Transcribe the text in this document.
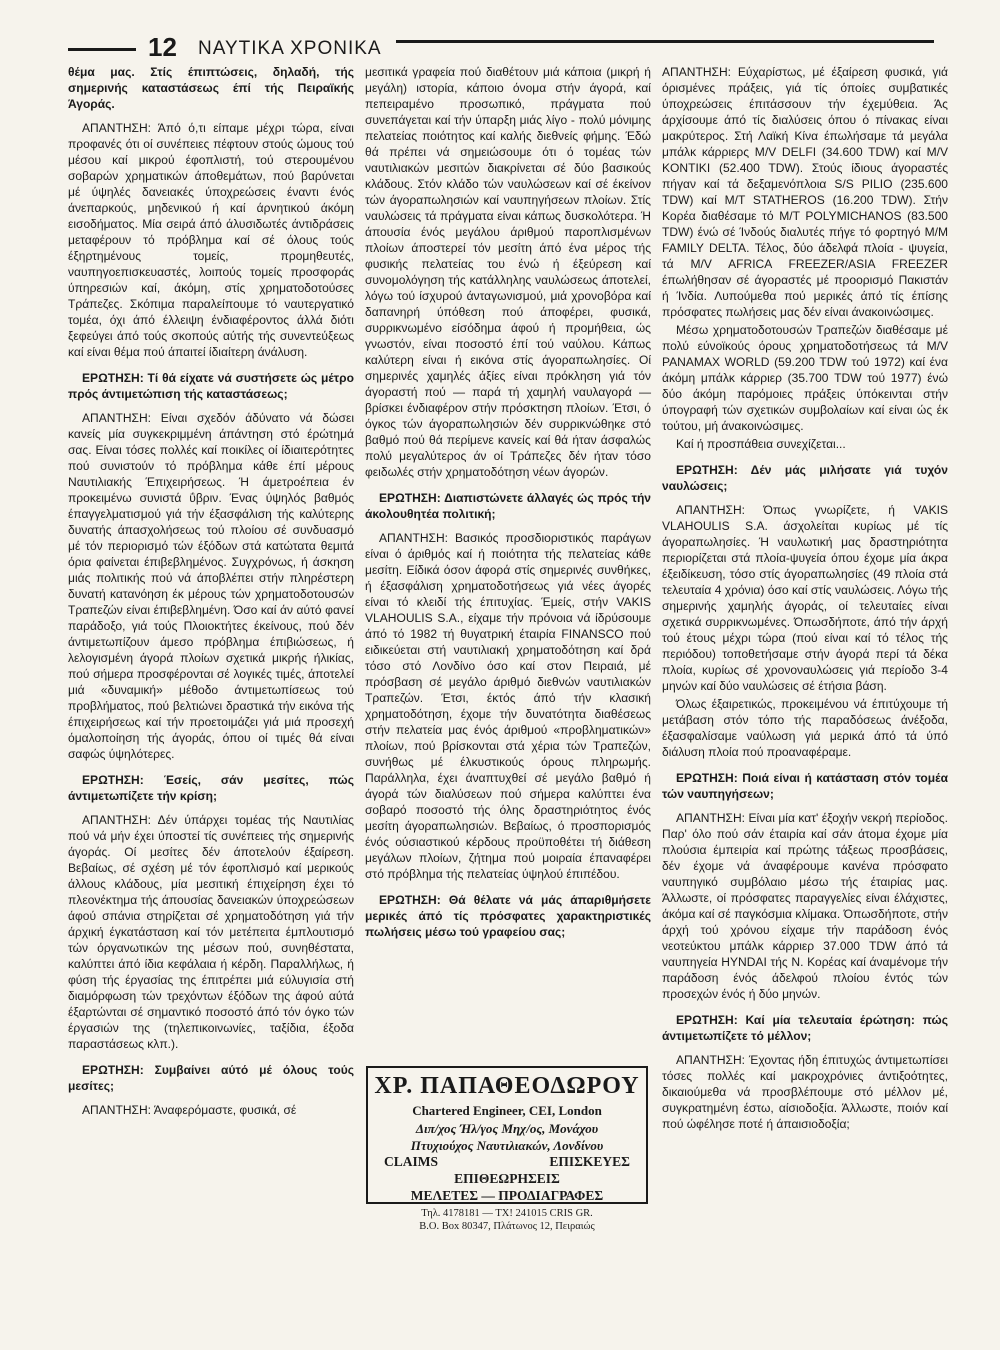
12 ΝΑΥΤΙΚΑ ΧΡΟΝΙΚΑ
θέμα μας. Στίς έπιπτώσεις, δηλαδή, τής σημερινής καταστάσεως έπί τής Πειραϊκής Άγοράς.

ΑΠΑΝΤΗΣΗ: Άπό ό,τι είπαμε μέχρι τώρα, είναι προφανές ότι οί συνέπειες πέφτουν στούς ώμους τού μέσου καί μικρού έφοπλιστή, τού στερουμένου σοβαρών χρηματικών άποθεμάτων, πού βαρύνεται μέ ύψηλές δανειακές ύποχρεώσεις έναντι ένός άνεπαρκούς, μηδενικού ή καί άρνητικού άκόμη εισοδήματος. Μία σειρά άπό άλυσιδωτές άντιδράσεις μεταφέρουν τό πρόβλημα καί σέ όλους τούς έξηρτημένους τομείς, προμηθευτές, ναυπηγοεπισκευαστές, λοιπούς τομείς προσφοράς ύπηρεσιών καί, άκόμη, στίς χρηματοδοτούσες Τράπεζες. Σκόπιμα παραλείπουμε τό ναυτεργατικό τομέα, όχι άπό έλλειψη ένδιαφέροντος άλλά διότι ξεφεύγει άπό τούς σκοπούς αύτής τής συνεντεύξεως καί είναι θέμα πού άπαιτεί ίδιαίτερη άνάλυση.

ΕΡΩΤΗΣΗ: Τί θά είχατε νά συστήσετε ώς μέτρο πρός άντιμετώπιση τής καταστάσεως;

ΑΠΑΝΤΗΣΗ: Είναι σχεδόν άδύνατο νά δώσει κανείς μία συγκεκριμμένη άπάντηση στό έρώτημά σας. Είναι τόσες πολλές καί ποικίλες οί ίδιαιτερότητες πού συνιστούν τό πρόβλημα κάθε έπί μέρους Ναυτιλιακής Έπιχειρήσεως. Ή άμετροέπεια έν προκειμένω συνιστά ΰβριν. Ένας ύψηλός βαθμός έπαγγελματισμού γιά τήν έξασφάλιση τής καλύτερης δυνατής άπασχολήσεως τού πλοίου σέ συνδυασμό μέ τόν περιορισμό τών έξόδων στά κατώτατα θεμιτά όρια φαίνεται έπιβεβλημένος. Συγχρόνως, ή άσκηση μιάς πολιτικής πού νά άποβλέπει στήν πληρέστερη δυνατή κατανόηση έκ μέρους τών χρηματοδοτουσών Τραπεζών είναι έπιβεβλημένη. Όσο καί άν αύτό φανεί παράδοξο, γιά τούς Πλοιοκτήτες έκείνους, πού δέν άντιμετωπίζουν άμεσο πρόβλημα έπιβιώσεως, ή λελογισμένη άγορά πλοίων σχετικά μικρής ήλικίας, πού σήμερα προσφέρονται σέ λογικές τιμές, άποτελεί μιά «δυναμική» μέθοδο άντιμετωπίσεως τού προβλήματος, πού βελτιώνει δραστικά τήν εικόνα τής έπιχειρήσεως καί τήν προετοιμάζει γιά μιά προσεχή όμαλοποίηση τής άγοράς, όπου οί τιμές θά είναι σαφώς ύψηλότερες.

ΕΡΩΤΗΣΗ: Έσείς, σάν μεσίτες, πώς άντιμετωπίζετε τήν κρίση;

ΑΠΑΝΤΗΣΗ: Δέν ύπάρχει τομέας τής Ναυτιλίας πού νά μήν έχει ύποστεί τίς συνέπειες τής σημερινής άγοράς. Οί μεσίτες δέν άποτελούν έξαίρεση. Βεβαίως, σέ σχέση μέ τόν έφοπλισμό καί μερικούς άλλους κλάδους, μία μεσιτική έπιχείρηση έχει τό πλεονέκτημα τής άπουσίας δανειακών ύποχρεώσεων άφού σπάνια στηρίζεται σέ χρηματοδότηση γιά τήν άρχική έγκατάσταση καί τόν μετέπειτα έμπλουτισμό τών όργανωτικών της μέσων πού, συνηθέστατα, καλύπτει άπό ίδια κεφάλαια ή κέρδη. Παραλλήλως, ή φύση τής έργασίας της έπιτρέπει μιά εύλυγισία στή διαμόρφωση τών τρεχόντων έξόδων της άφού αύτά έξαρτώνται σέ σημαντικό ποσοστό άπό τόν όγκο τών έργασιών της (τηλεπικοινωνίες, ταξίδια, έξοδα παραστάσεως κλπ.).

ΕΡΩΤΗΣΗ: Συμβαίνει αύτό μέ όλους τούς μεσίτες;

ΑΠΑΝΤΗΣΗ: Άναφερόμαστε, φυσικά, σέ

μεσιτικά γραφεία πού διαθέτουν μιά κάποια (μικρή ή μεγάλη) ιστορία, κάποιο όνομα στήν άγορά, καί πεπειραμένο προσωπικό, πράγματα πού συνεπάγεται καί τήν ύπαρξη μιάς λίγο - πολύ μόνιμης πελατείας ποιότητος καί καλής διεθνείς φήμης. Έδώ θά πρέπει νά σημειώσουμε ότι ό τομέας τών ναυτιλιακών μεσιτών διακρίνεται σέ δύο βασικούς κλάδους. Στόν κλάδο τών ναυλώσεων καί σέ έκείνον τών άγοραπωλησιών καί ναυπηγήσεων πλοίων. Στίς ναυλώσεις τά πράγματα είναι κάπως δυσκολότερα. Ή άπουσία ένός μεγάλου άριθμού παροπλισμένων πλοίων άποστερεί τόν μεσίτη άπό ένα μέρος τής φυσικής πελατείας του ένώ ή έξεύρεση καί συνομολόγηση τής κατάλληλης ναυλώσεως άποτελεί, λόγω τού ίσχυρού άνταγωνισμού, μιά χρονοβόρα καί δαπανηρή ύπόθεση πού άποφέρει, φυσικά, συρρικνωμένο είσόδημα άφού ή προμήθεια, ώς γνωστόν, είναι ποσοστό έπί τού ναύλου. Κάπως καλύτερη είναι ή εικόνα στίς άγοραπωλησίες. Οί σημερινές χαμηλές άξίες είναι πρόκληση γιά τόν άγοραστή πού — παρά τή χαμηλή ναυλαγορά — βρίσκει ένδιαφέρον στήν πρόσκτηση πλοίων. Έτσι, ό όγκος τών άγοραπωλησιών δέν συρρικνώθηκε στό βαθμό πού θά περίμενε κανείς καί θά ήταν άσφαλώς πολύ μεγαλύτερος άν οί Τράπεζες δέν ήταν τόσο φειδωλές στήν χρηματοδότηση νέων άγορών.

ΕΡΩΤΗΣΗ: Διαπιστώνετε άλλαγές ώς πρός τήν άκολουθητέα πολιτική;

ΑΠΑΝΤΗΣΗ: Βασικός προσδιοριστικός παράγων είναι ό άριθμός καί ή ποιότητα τής πελατείας κάθε μεσίτη. Είδικά όσον άφορά στίς σημερινές συνθήκες, ή έξασφάλιση χρηματοδοτήσεως γιά νέες άγορές είναι τό κλειδί τής έπιτυχίας. Έμείς, στήν VAKIS VLAHOULIS S.A., είχαμε τήν πρόνοια νά ίδρύσουμε άπό τό 1982 τή θυγατρική έταιρία FINANSCO πού ειδικεύεται στή ναυτιλιακή χρηματοδότηση καί δρά τόσο στό Λονδίνο όσο καί στον Πειραιά, μέ πρόσβαση σέ μεγάλο άριθμό διεθνών ναυτιλιακών Τραπεζών. Έτσι, έκτός άπό τήν κλασική χρηματοδότηση, έχομε τήν δυνατότητα διαθέσεως στήν πελατεία μας ένός άριθμού «προβληματικών» πλοίων, πού βρίσκονται στά χέρια τών Τραπεζών, συνήθως μέ έλκυστικούς όρους πληρωμής. Παράλληλα, έχει άναπτυχθεί σέ μεγάλο βαθμό ή άγορά τών διαλύσεων πού σήμερα καλύπτει ένα σοβαρό ποσοστό τής όλης δραστηριότητος ένός μεσίτη άγοραπωλησιών. Βεβαίως, ό προσπορισμός ένός ούσιαστικού κέρδους προϋποθέτει τή διάθεση μεγάλων πλοίων, ζήτημα πού μοιραία έπαναφέρει στό πρόβλημα τής πελατείας ύψηλού έπιπέδου.

ΕΡΩΤΗΣΗ: Θά θέλατε νά μάς άπαριθμήσετε μερικές άπό τίς πρόσφατες χαρακτηριστικές πωλήσεις μέσω τού γραφείου σας;
ΧΡ. ΠΑΠΑΘΕΟΔΩΡΟΥ
Chartered Engineer, CEI, London
Διπ/χος Ήλ/γος Μηχ/ος, Μονάχου
Πτυχιούχος Ναυτιλιακών, Λονδίνου
CLAIMS	ΕΠΙΣΚΕΥΕΣ
ΕΠΙΘΕΩΡΗΣΕΙΣ
ΜΕΛΕΤΕΣ — ΠΡΟΔΙΑΓΡΑΦΕΣ
Τηλ. 4178181 — ΤΧ! 241015 CRIS GR.
B.O. Box 80347, Πλάτωνος 12, Πειραιώς

ΑΠΑΝΤΗΣΗ: Εύχαρίστως, μέ έξαίρεση φυσικά, γιά όρισμένες πράξεις, γιά τίς όποίες συμβατικές ύποχρεώσεις έπιτάσσουν τήν έχεμύθεια. Άς άρχίσουμε άπό τίς διαλύσεις όπου ό πίνακας είναι μακρύτερος. Στή Λαϊκή Κίνα έπωλήσαμε τά μεγάλα μπάλκ κάρριερς M/V DELFI (34.600 TDW) καί M/V KONTIKI (52.400 TDW). Στούς ίδιους άγοραστές πήγαν καί τά δεξαμενόπλοια S/S PILIO (235.600 TDW) καί M/T STATHEROS (16.200 TDW). Στήν Κορέα διαθέσαμε τό M/T POLYMICHANOS (83.500 TDW) ένώ σέ Ίνδούς διαλυτές πήγε τό φορτηγό M/M FAMILY DELTA. Τέλος, δύο άδελφά πλοία - ψυγεία, τά M/V AFRICA FREEZER/ASIA FREEZER έπωλήθησαν σέ άγοραστές μέ προορισμό Πακιστάν ή Ίνδία. Λυπούμεθα πού μερικές άπό τίς έπίσης πρόσφατες πωλήσεις μας δέν είναι άνακοινώσιμες.

Μέσω χρηματοδοτουσών Τραπεζών διαθέσαμε μέ πολύ εύνοϊκούς όρους χρηματοδοτήσεως τά M/V PANAMAX WORLD (59.200 TDW τού 1972) καί ένα άκόμη μπάλκ κάρριερ (35.700 TDW τού 1977) ένώ δύο άκόμη παρόμοιες πράξεις ύπόκεινται στήν ύπογραφή τών σχετικών συμβολαίων καί είναι ώς έκ τούτου, μή άνακοινώσιμες.

Καί ή προσπάθεια συνεχίζεται...

ΕΡΩΤΗΣΗ: Δέν μάς μιλήσατε γιά τυχόν ναυλώσεις;

ΑΠΑΝΤΗΣΗ: Όπως γνωρίζετε, ή VAKIS VLAHOULIS S.A. άσχολείται κυρίως μέ τίς άγοραπωλησίες. Ή ναυλωτική μας δραστηριότητα περιορίζεται στά πλοία-ψυγεία όπου έχομε μία άκρα έξειδίκευση, τόσο στίς άγοραπωλησίες (49 πλοία στά τελευταία 4 χρόνια) όσο καί στίς ναυλώσεις. Λόγω τής σημερινής χαμηλής άγοράς, οί τελευταίες είναι σχετικά συρρικνωμένες. Όπωσδήποτε, άπό τήν άρχή τού έτους μέχρι τώρα (πού είναι καί τό τέλος τής περιόδου) τοποθετήσαμε στήν άγορά περί τά δέκα πλοία, κυρίως σέ χρονοναυλώσεις γιά περίοδο 3-4 μηνών καί δύο ναυλώσεις σέ έτήσια βάση.

Όλως έξαιρετικώς, προκειμένου νά έπιτύχουμε τή μετάβαση στόν τόπο τής παραδόσεως άνέξοδα, έξασφαλίσαμε ναύλωση γιά μερικά άπό τά ύπό διάλυση πλοία πού προαναφέραμε.

ΕΡΩΤΗΣΗ: Ποιά είναι ή κατάσταση στόν τομέα τών ναυπηγήσεων;

ΑΠΑΝΤΗΣΗ: Είναι μία κατ' έξοχήν νεκρή περίοδος. Παρ' όλο πού σάν έταιρία καί σάν άτομα έχομε μία πλούσια έμπειρία καί πρώτης τάξεως προσβάσεις, δέν έχομε νά άναφέρουμε κανένα πρόσφατο ναυπηγικό συμβόλαιο μέσω τής έταιρίας μας. Άλλωστε, οί πρόσφατες παραγγελίες είναι έλάχιστες, άκόμα καί σέ παγκόσμια κλίμακα. Όπωσδήποτε, στήν άρχή τού χρόνου είχαμε τήν παράδοση ένός νεοτεύκτου μπάλκ κάρριερ 37.000 TDW άπό τά ναυπηγεία HYNDAI τής Ν. Κορέας καί άναμένομε τήν παράδοση ένός άδελφού πλοίου έντός τών προσεχών ένός ή δύο μηνών.

ΕΡΩΤΗΣΗ: Καί μία τελευταία έρώτηση: πώς άντιμετωπίζετε τό μέλλον;

ΑΠΑΝΤΗΣΗ: Έχοντας ήδη έπιτυχώς άντιμετωπίσει τόσες πολλές καί μακροχρόνιες άντιξοότητες, δικαιούμεθα νά προσβλέπουμε στό μέλλον μέ, συγκρατημένη έστω, αίσιοδοξία. Άλλωστε, ποιόν καί πού ώφέλησε ποτέ ή άπαισιοδοξία;
